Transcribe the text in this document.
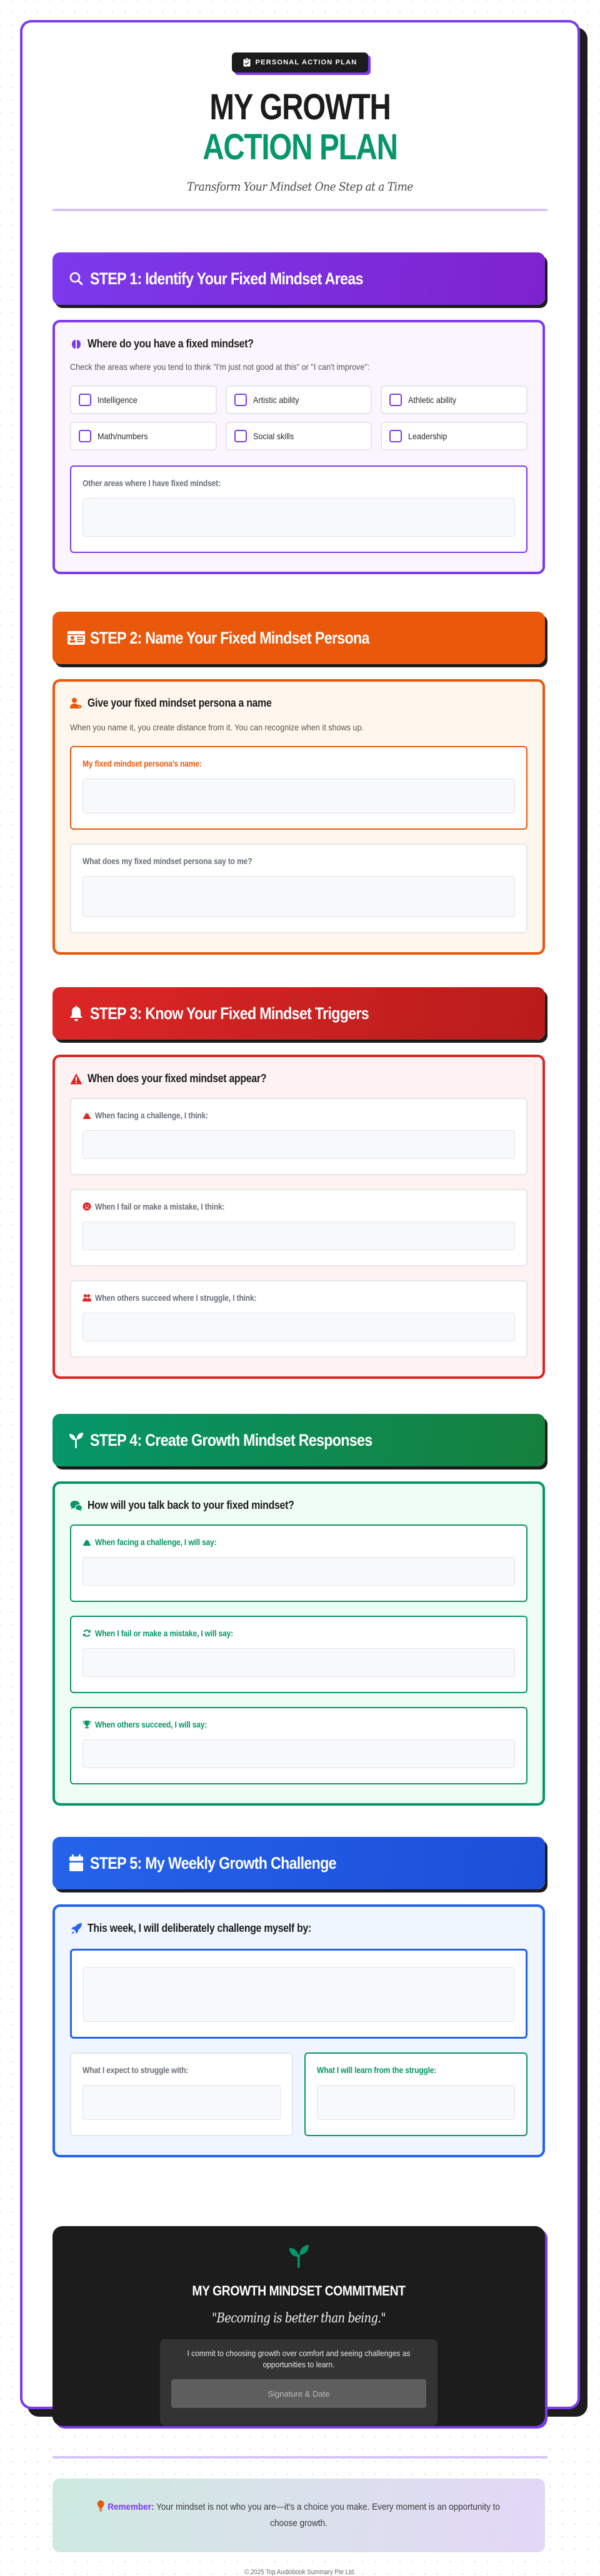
PERSONAL ACTION PLAN
MY GROWTH
ACTION PLAN
Transform Your Mindset One Step at a Time
STEP 1: Identify Your Fixed Mindset Areas
Where do you have a fixed mindset?
Check the areas where you tend to think "I'm just not good at this" or "I can't improve":
Intelligence	Artistic ability	Athletic ability
Math/numbers	Social skills	Leadership
Other areas where I have fixed mindset:
STEP 2: Name Your Fixed Mindset Persona
Give your fixed mindset persona a name
When you name it, you create distance from it. You can recognize when it shows up.
My fixed mindset persona's name:
What does my fixed mindset persona say to me?
STEP 3: Know Your Fixed Mindset Triggers
When does your fixed mindset appear?
When facing a challenge, I think:
When I fail or make a mistake, I think:
When others succeed where I struggle, I think:
STEP 4: Create Growth Mindset Responses
How will you talk back to your fixed mindset?
When facing a challenge, I will say:
When I fail or make a mistake, I will say:
When others succeed, I will say:
STEP 5: My Weekly Growth Challenge
This week, I will deliberately challenge myself by:
What I expect to struggle with:	What I will learn from the struggle:
MY GROWTH MINDSET COMMITMENT
"Becoming is better than being."
I commit to choosing growth over comfort and seeing challenges as opportunities to learn.
Signature & Date
Remember: Your mindset is not who you are—it's a choice you make. Every moment is an opportunity to choose growth.
© 2025 Top Audiobook Summary Pte Ltd.
